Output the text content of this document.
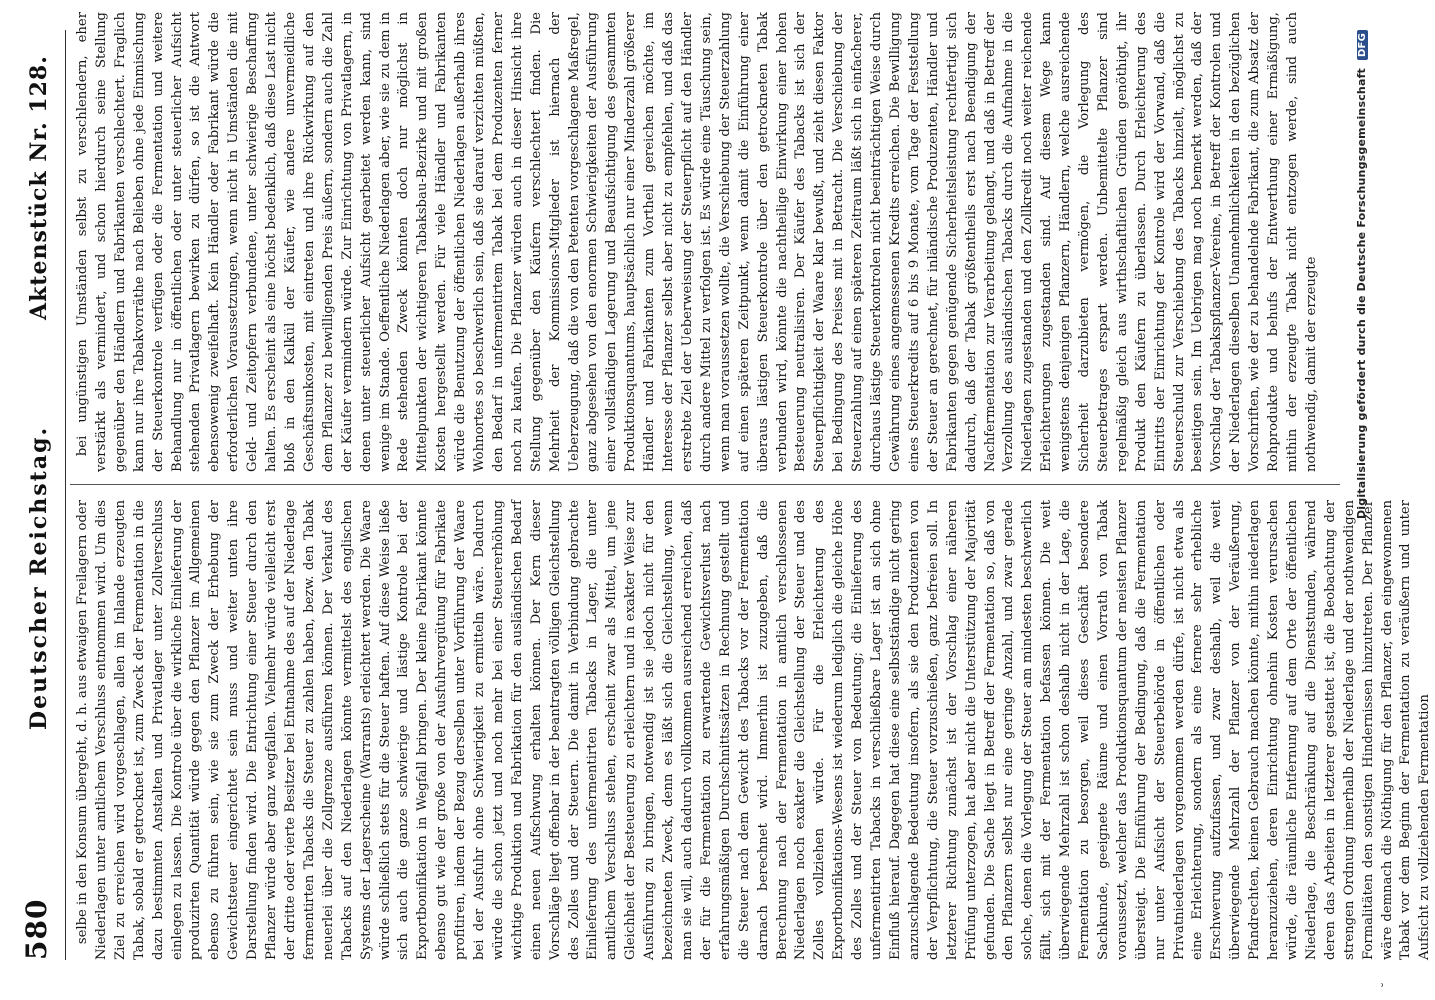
580
Deutscher Reichstag.
Aktenstück Nr. 128.

selbe in den Konsum übergeht, d. h. aus etwaigen Freilagern oder Niederlagen unter amtlichem Verschluss entnommen wird. Um dies Ziel zu erreichen wird vorgeschlagen, allen im Inlande erzeugten Tabak, sobald er getrocknet ist, zum Zweck der Fermentation in die dazu bestimmten Anstalten und Privatlager unter Zollverschluss einlegen zu lassen. Die Kontrole über die wirkliche Einlieferung der produzirten Quantität würde gegen den Pflanzer im Allgemeinen ebenso zu führen sein, wie sie zum Zweck der Erhebung der Gewichtsteuer eingerichtet sein muss und weiter unten ihre Darstellung finden wird. Die Entrichtung einer Steuer durch den Pflanzer würde aber ganz wegfallen. Vielmehr würde vielleicht erst der dritte oder vierte Besitzer bei Entnahme des auf der Niederlage fermentirten Tabacks die Steuer zu zahlen haben, bezw. den Tabak neuerlei über die Zollgrenze ausführen können. Der Verkauf des Tabacks auf den Niederlagen könnte vermittelst des englischen Systems der Lagerscheine (Warrants) erleichtert werden. Die Waare würde schließlich stets für die Steuer haften. Auf diese Weise ließe sich auch die ganze schwierige und lästige Kontrole bei der Exportbonifikation in Wegfall bringen. Der kleine Fabrikant könnte ebenso gut wie der große von der Ausfuhrvergütung für Fabrikate profitiren, indem der Bezug derselben unter Vorführung der Waare bei der Ausfuhr ohne Schwierigkeit zu ermitteln wäre. Dadurch würde die schon jetzt und noch mehr bei einer Steuererhöhung wichtige Produktion und Fabrikation für den ausländischen Bedarf einen neuen Aufschwung erhalten können. Der Kern dieser Vorschläge liegt offenbar in der beantragten völligen Gleichstellung des Zolles und der Steuern. Die damit in Verbindung gebrachte Einlieferung des unfermentirten Tabacks in Lager, die unter amtlichem Verschluss stehen, erscheint zwar als Mittel, um jene Gleichheit der Besteuerung zu erleichtern und in exakter Weise zur Ausführung zu bringen, notwendig ist sie jedoch nicht für den bezeichneten Zweck, denn es läßt sich die Gleichstellung, wenn man sie will, auch dadurch vollkommen ausreichend erreichen, daß der für die Fermentation zu erwartende Gewichtsverlust nach erfahrungsmäßigen Durchschnittssätzen in Rechnung gestellt und die Steuer nach dem Gewicht des Tabacks vor der Fermentation darnach berechnet wird. Immerhin ist zuzugeben, daß die Berechnung nach der Fermentation in amtlich verschlossenen Niederlagen noch exakter die Gleichstellung der Steuer und des Zolles vollziehen würde. Für die Erleichterung des Exportbonifikations-Wesens ist wiederum lediglich die gleiche Höhe des Zolles und der Steuer von Bedeutung; die Einlieferung des unfermentirten Tabacks in verschließbare Lager ist an sich ohne Einfluß hierauf. Dagegen hat diese eine selbstständige nicht gering anzuschlagende Bedeutung insofern, als sie den Produzenten von der Verpflichtung, die Steuer vorzuschießen, ganz befreien soll. In letzterer Richtung zunächst ist der Vorschlag einer näheren Prüfung unterzogen, hat aber nicht die Unterstützung der Majorität gefunden. Die Sache liegt in Betreff der Fermentation so, daß von den Pflanzern selbst nur eine geringe Anzahl, und zwar gerade solche, denen die Vorlegung der Steuer am mindesten beschwerlich fällt, sich mit der Fermentation befassen können. Die weit überwiegende Mehrzahl ist schon deshalb nicht in der Lage, die Fermentation zu besorgen, weil dieses Geschäft besondere Sachkunde, geeignete Räume und einen Vorrath von Tabak voraussetzt, welcher das Produktionsquantum der meisten Pflanzer übersteigt. Die Einführung der Bedingung, daß die Fermentation nur unter Aufsicht der Steuerbehörde in öffentlichen oder Privatniederlagen vorgenommen werden dürfe, ist nicht etwa als eine Erleichterung, sondern als eine fernere sehr erhebliche Erschwerung aufzufassen, und zwar deshalb, weil die weit überwiegende Mehrzahl der Pflanzer von der Veräußerung, Pfandrechten, keinen Gebrauch machen könnte, mithin niederlagen heranzuziehen, deren Einrichtung ohnehin Kosten verursachen würde, die räumliche Entfernung auf dem Orte der öffentlichen Niederlage, die Beschränkung auf die Dienststunden, während deren das Arbeiten in letzterer gestattet ist, die Beobachtung der strengen Ordnung innerhalb der Niederlage und der nothwendigen Formalitäten den sonstigen Hindernissen hinzutreten. Der Pflanzer wäre demnach die Nöthigung für den Pflanzer, den eingewonnenen Tabak vor dem Beginn der Fermentation zu veräußern und unter Aufsicht zu vollziehenden Fermentation

bei ungünstigen Umständen selbst zu verschlendern, eher verstärkt als vermindert, und schon hierdurch seine Stellung gegenüber den Händlern und Fabrikanten verschlechtert. Fraglich kann nur ihre Tabakvorräthe nach Belieben ohne jede Einmischung der Steuerkontrole verfügen oder die Fermentation und weitere Behandlung nur in öffentlichen oder unter steuerlicher Aufsicht stehenden Privatlagern bewirken zu dürfen, so ist die Antwort ebensowenig zweifelhaft. Kein Händler oder Fabrikant würde die erforderlichen Voraussetzungen, wenn nicht in Umständen die mit Geld- und Zeitopfern verbundene, unter schwierige Beschaffung halten. Es erscheint als eine höchst bedenklich, daß diese Last nicht bloß in den Kalkül der Käufer, wie andere unvermeidliche Geschäftsunkosten, mit eintreten und ihre Rückwirkung auf den dem Pflanzer zu bewilligenden Preis äußern, sondern auch die Zahl der Käufer vermindern würde. Zur Einrichtung von Privatlagern, in denen unter steuerlicher Aufsicht gearbeitet werden kann, sind wenige im Stande. Oeffentliche Niederlagen aber, wie sie zu dem in Rede stehenden Zweck könnten doch nur möglichst in Mittelpunkten der wichtigeren Tabaksbau-Bezirke und mit großen Kosten hergestellt werden. Für viele Händler und Fabrikanten würde die Benutzung der öffentlichen Niederlagen außerhalb ihres Wohnortes so beschwerlich sein, daß sie darauf verzichten müßten, den Bedarf in unfermentirtem Tabak bei dem Produzenten ferner noch zu kaufen. Die Pflanzer würden auch in dieser Hinsicht ihre Stellung gegenüber den Käufern verschlechtert finden. Die Mehrheit der Kommissions-Mitglieder ist hiernach der Ueberzeugung, daß die von den Petenten vorgeschlagene Maßregel, ganz abgesehen von den enormen Schwierigkeiten der Ausführung einer vollständigen Lagerung und Beaufsichtigung des gesammten Produktionsquantums, hauptsächlich nur einer Minderzahl größerer Händler und Fabrikanten zum Vortheil gereichen möchte, im Interesse der Pflanzer selbst aber nicht zu empfehlen, und daß das erstrebte Ziel der Ueberweisung der Steuerpflicht auf den Händler durch andere Mittel zu verfolgen ist. Es würde eine Täuschung sein, wenn man voraussetzen wollte, die Verschiebung der Steuerzahlung auf einen späteren Zeitpunkt, wenn damit die Einführung einer überaus lästigen Steuerkontrole über den getrockneten Tabak verbunden wird, könnte die nachtheilige Einwirkung einer hohen Besteuerung neutralisiren. Der Käufer des Tabacks ist sich der Steuerpflichtigkeit der Waare klar bewußt, und zieht diesen Faktor bei Bedingung des Preises mit in Betracht. Die Verschiebung der Steuerzahlung auf einen späteren Zeitraum läßt sich in einfacherer, durchaus lästige Steuerkontrolen nicht beeinträchtigen Weise durch Gewährung eines angemessenen Kredits erreichen. Die Bewilligung eines Steuerkredits auf 6 bis 9 Monate, vom Tage der Feststellung der Steuer an gerechnet, für inländische Produzenten, Händler und Fabrikanten gegen genügende Sicherheitsleistung rechtfertigt sich dadurch, daß der Tabak größtentheils erst nach Beendigung der Nachfermentation zur Verarbeitung gelangt, und daß in Betreff der Verzollung des ausländischen Tabacks durch die Aufnahme in die Niederlagen zugestanden und den Zollkredit noch weiter reichende Erleichterungen zugestanden sind. Auf diesem Wege kann wenigstens denjenigen Pflanzern, Händlern, welche ausreichende Sicherheit darzubieten vermögen, die Vorlegung des Steuerbetrages erspart werden. Unbemittelte Pflanzer sind regelmäßig gleich aus wirthschaftlichen Gründen genöthigt, ihr Produkt den Käufern zu überlassen. Durch Erleichterung des Eintritts der Einrichtung der Kontrole wird der Vorwand, daß die Steuerschuld zur Verschiebung des Tabacks hinzielt, möglichst zu beseitigen sein. Im Uebrigen mag noch bemerkt werden, daß der Vorschlag der Tabakspflanzer-Vereine, in Betreff der Kontrolen und der Niederlagen dieselben Unannehmlichkeiten in den bezüglichen Vorschriften, wie der zu behandelnde Fabrikant, die zum Absatz der Rohprodukte und behufs der Entwerthung einer Ermäßigung, mithin der erzeugte Tabak nicht entzogen werde, sind auch nothwendig, damit der erzeugte	Digitalisierung gefördert durch die Deutsche Forschungsgemeinschaft DFG
˘
